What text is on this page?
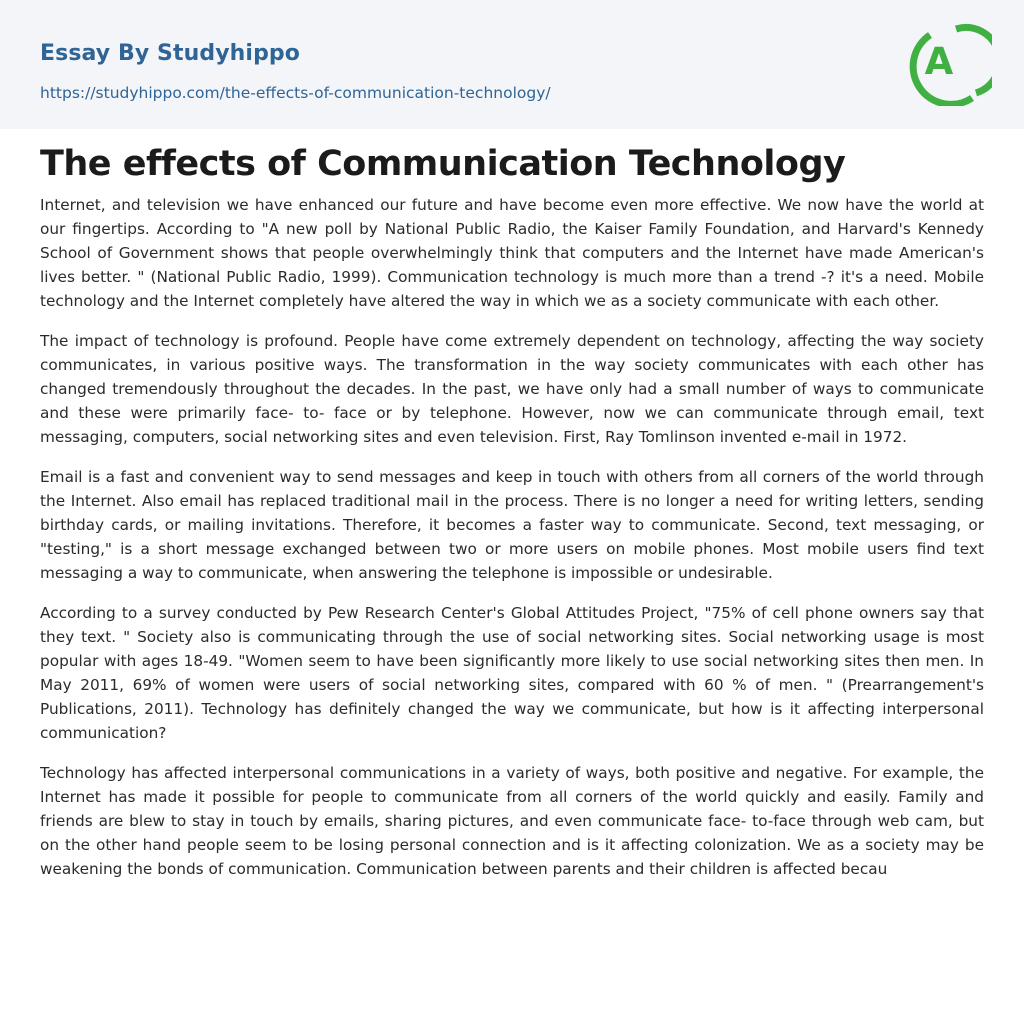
Essay By Studyhippo
https://studyhippo.com/the-effects-of-communication-technology/
A
The effects of Communication Technology

Internet, and television we have enhanced our future and have become even more effective. We now have the world at our fingertips. According to "A new poll by National Public Radio, the Kaiser Family Foundation, and Harvard's Kennedy School of Government shows that people overwhelmingly think that computers and the Internet have made American's lives better. " (National Public Radio, 1999). Communication technology is much more than a trend -? it's a need. Mobile technology and the Internet completely have altered the way in which we as a society communicate with each other.

The impact of technology is profound. People have come extremely dependent on technology, affecting the way society communicates, in various positive ways. The transformation in the way society communicates with each other has changed tremendously throughout the decades. In the past, we have only had a small number of ways to communicate and these were primarily face- to- face or by telephone. However, now we can communicate through email, text messaging, computers, social networking sites and even television. First, Ray Tomlinson invented e-mail in 1972.

Email is a fast and convenient way to send messages and keep in touch with others from all corners of the world through the Internet. Also email has replaced traditional mail in the process. There is no longer a need for writing letters, sending birthday cards, or mailing invitations. Therefore, it becomes a faster way to communicate. Second, text messaging, or "testing," is a short message exchanged between two or more users on mobile phones. Most mobile users find text messaging a way to communicate, when answering the telephone is impossible or undesirable.

According to a survey conducted by Pew Research Center's Global Attitudes Project, "75% of cell phone owners say that they text. " Society also is communicating through the use of social networking sites. Social networking usage is most popular with ages 18-49. "Women seem to have been significantly more likely to use social networking sites then men. In May 2011, 69% of women were users of social networking sites, compared with 60 % of men. " (Prearrangement's Publications, 2011). Technology has definitely changed the way we communicate, but how is it affecting interpersonal communication?

Technology has affected interpersonal communications in a variety of ways, both positive and negative. For example, the Internet has made it possible for people to communicate from all corners of the world quickly and easily. Family and friends are blew to stay in touch by emails, sharing pictures, and even communicate face- to-face through web cam, but on the other hand people seem to be losing personal connection and is it affecting colonization. We as a society may be weakening the bonds of communication. Communication between parents and their children is affected becau
